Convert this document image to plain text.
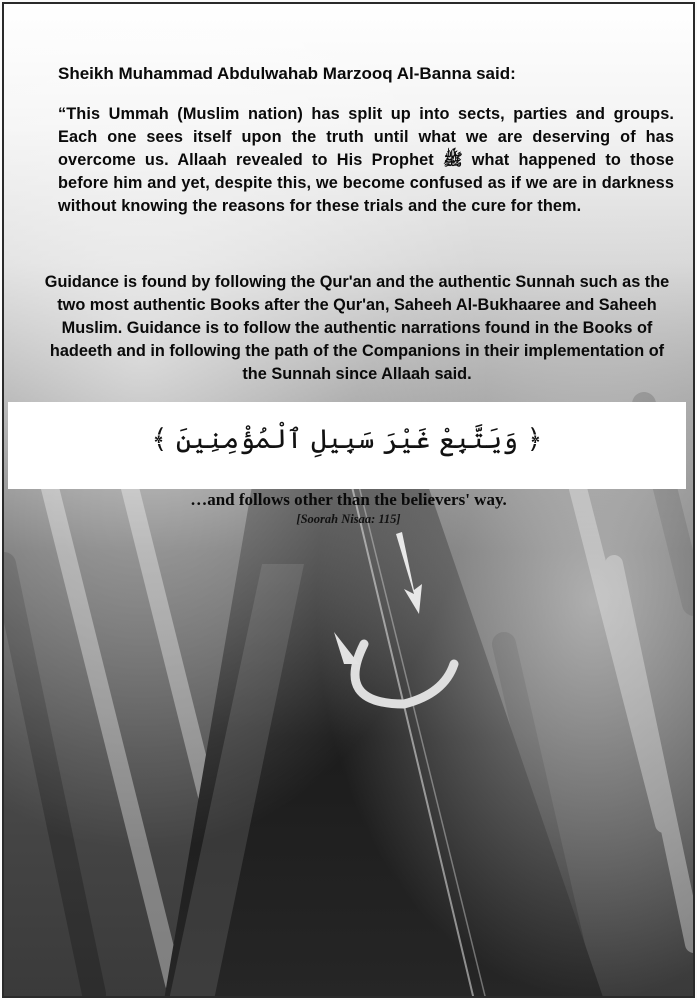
Sheikh Muhammad Abdulwahab Marzooq Al-Banna said:
“This Ummah (Muslim nation) has split up into sects, parties and groups. Each one sees itself upon the truth until what we are deserving of has overcome us. Allaah revealed to His Prophet ﷺ what happened to those before him and yet, despite this, we become confused as if we are in darkness without knowing the reasons for these trials and the cure for them.
Guidance is found by following the Qur'an and the authentic Sunnah such as the two most authentic Books after the Qur'an, Saheeh Al-Bukhaaree and Saheeh Muslim. Guidance is to follow the authentic narrations found in the Books of hadeeth and in following the path of the Companions in their implementation of the Sunnah since Allaah said.
﴿ وَيَتَّبِعْ غَيْرَ سَبِيلِ ٱلْمُؤْمِنِينَ ﴾
…and follows other than the believers' way.
[Soorah Nisaa: 115]
